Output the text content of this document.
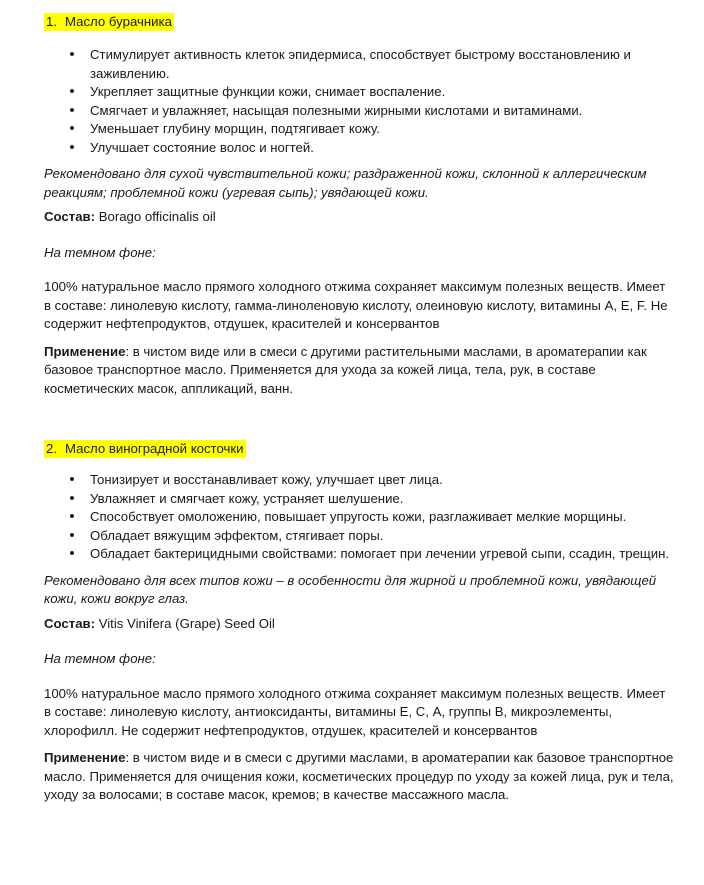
1. Масло бурачника
• Стимулирует активность клеток эпидермиса, способствует быстрому восстановлению и заживлению.
• Укрепляет защитные функции кожи, снимает воспаление.
• Смягчает и увлажняет, насыщая полезными жирными кислотами и витаминами.
• Уменьшает глубину морщин, подтягивает кожу.
• Улучшает состояние волос и ногтей.

Рекомендовано для сухой чувствительной кожи; раздраженной кожи, склонной к аллергическим реакциям; проблемной кожи (угревая сыпь); увядающей кожи.

Состав: Borago officinalis oil

На темном фоне:

100% натуральное масло прямого холодного отжима сохраняет максимум полезных веществ. Имеет в составе: линолевую кислоту, гамма-линоленовую кислоту, олеиновую кислоту, витамины А, Е, F. Не содержит нефтепродуктов, отдушек, красителей и консервантов

Применение: в чистом виде или в смеси с другими растительными маслами, в ароматерапии как базовое транспортное масло. Применяется для ухода за кожей лица, тела, рук, в составе косметических масок, аппликаций, ванн.

2. Масло виноградной косточки
• Тонизирует и восстанавливает кожу, улучшает цвет лица.
• Увлажняет и смягчает кожу, устраняет шелушение.
• Способствует омоложению, повышает упругость кожи, разглаживает мелкие морщины.
• Обладает вяжущим эффектом, стягивает поры.
• Обладает бактерицидными свойствами: помогает при лечении угревой сыпи, ссадин, трещин.

Рекомендовано для всех типов кожи – в особенности для жирной и проблемной кожи, увядающей кожи, кожи вокруг глаз.

Состав: Vitis Vinifera (Grape) Seed Oil

На темном фоне:

100% натуральное масло прямого холодного отжима сохраняет максимум полезных веществ. Имеет в составе: линолевую кислоту, антиоксиданты, витамины Е, С, А, группы В, микроэлементы, хлорофилл. Не содержит нефтепродуктов, отдушек, красителей и консервантов

Применение: в чистом виде и в смеси с другими маслами, в ароматерапии как базовое транспортное масло. Применяется для очищения кожи, косметических процедур по уходу за кожей лица, рук и тела, уходу за волосами; в составе масок, кремов; в качестве массажного масла.
